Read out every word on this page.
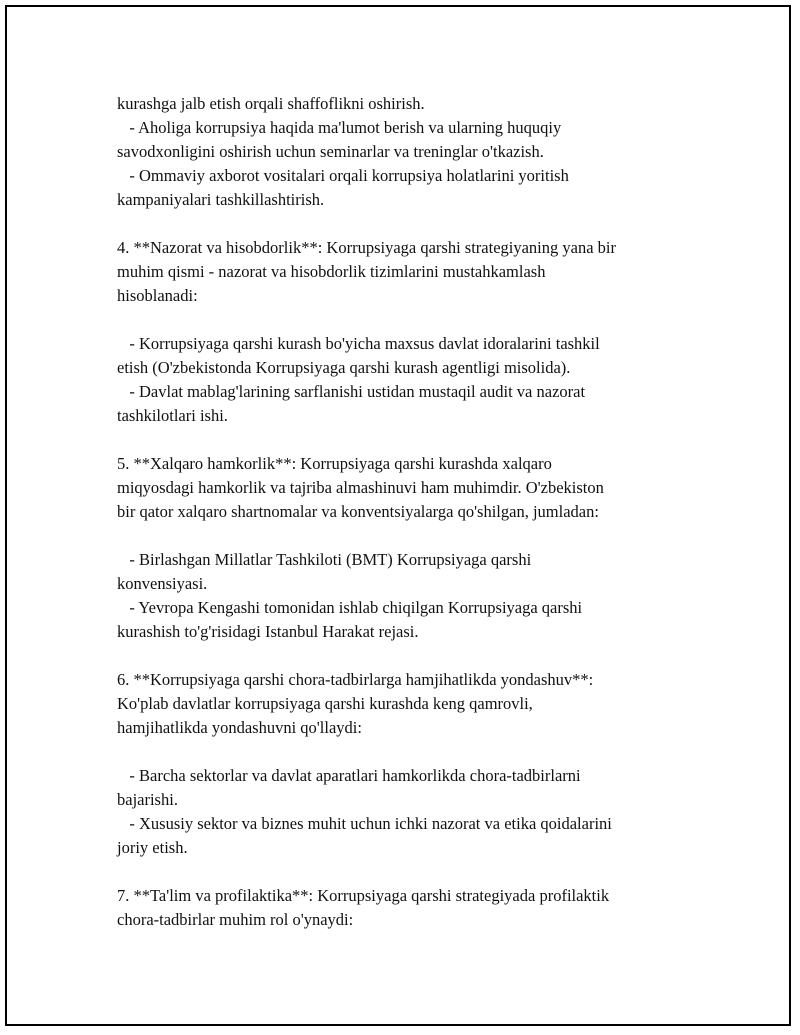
kurashga jalb etish orqali shaffoflikni oshirish.
- Aholiga korrupsiya haqida ma'lumot berish va ularning huquqiy
savodxonligini oshirish uchun seminarlar va treninglar o'tkazish.
- Ommaviy axborot vositalari orqali korrupsiya holatlarini yoritish
kampaniyalari tashkillashtirish.
4. **Nazorat va hisobdorlik**: Korrupsiyaga qarshi strategiyaning yana bir
muhim qismi - nazorat va hisobdorlik tizimlarini mustahkamlash
hisoblanadi:
- Korrupsiyaga qarshi kurash bo'yicha maxsus davlat idoralarini tashkil
etish (O'zbekistonda Korrupsiyaga qarshi kurash agentligi misolida).
- Davlat mablag'larining sarflanishi ustidan mustaqil audit va nazorat
tashkilotlari ishi.
5. **Xalqaro hamkorlik**: Korrupsiyaga qarshi kurashda xalqaro
miqyosdagi hamkorlik va tajriba almashinuvi ham muhimdir. O'zbekiston
bir qator xalqaro shartnomalar va konventsiyalarga qo'shilgan, jumladan:
- Birlashgan Millatlar Tashkiloti (BMT) Korrupsiyaga qarshi
konvensiyasi.
- Yevropa Kengashi tomonidan ishlab chiqilgan Korrupsiyaga qarshi
kurashish to'g'risidagi Istanbul Harakat rejasi.
6. **Korrupsiyaga qarshi chora-tadbirlarga hamjihatlikda yondashuv**:
Ko'plab davlatlar korrupsiyaga qarshi kurashda keng qamrovli,
hamjihatlikda yondashuvni qo'llaydi:
- Barcha sektorlar va davlat aparatlari hamkorlikda chora-tadbirlarni
bajarishi.
- Xususiy sektor va biznes muhit uchun ichki nazorat va etika qoidalarini
joriy etish.
7. **Ta'lim va profilaktika**: Korrupsiyaga qarshi strategiyada profilaktik
chora-tadbirlar muhim rol o'ynaydi:
